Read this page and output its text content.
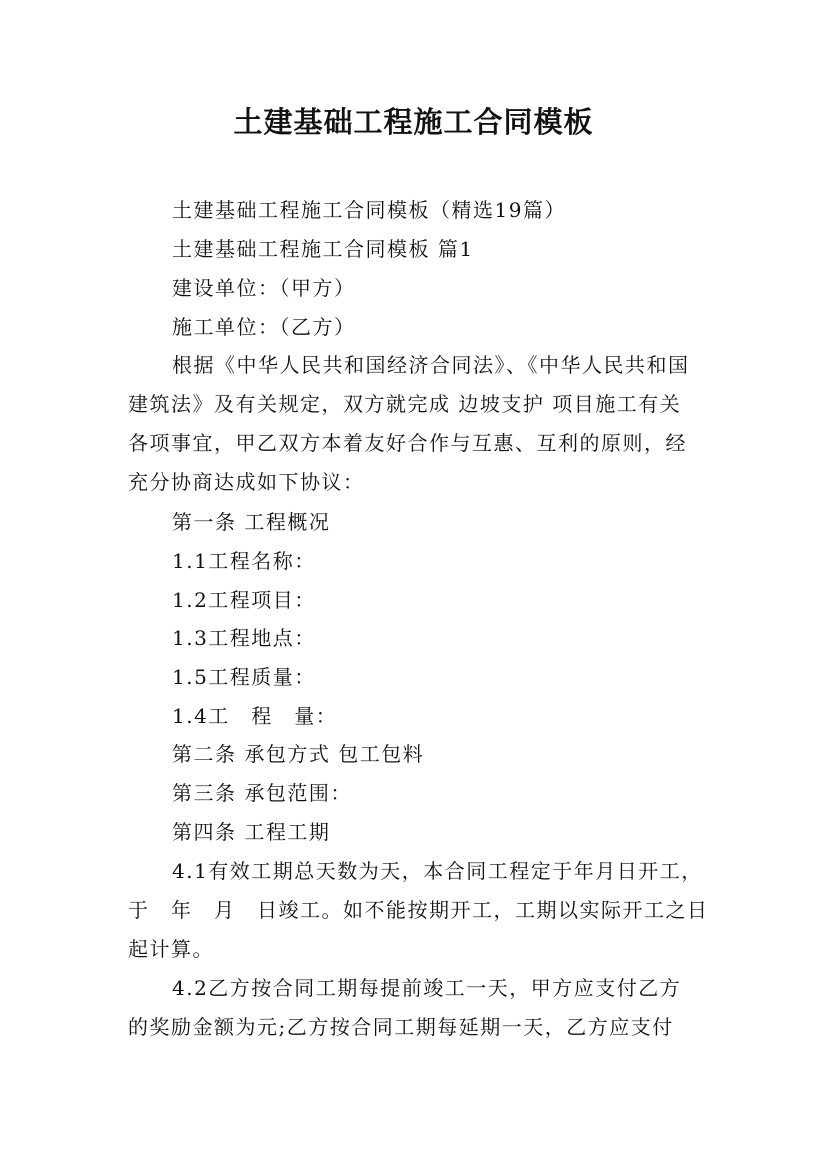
土建基础工程施工合同模板
土建基础工程施工合同模板（精选19篇）
土建基础工程施工合同模板 篇1
建设单位：（甲方）
施工单位：（乙方）
根据《中华人民共和国经济合同法》、《中华人民共和国
建筑法》及有关规定，双方就完成 边坡支护 项目施工有关
各项事宜，甲乙双方本着友好合作与互惠、互利的原则，经
充分协商达成如下协议：
第一条 工程概况
1.1工程名称：
1.2工程项目：
1.3工程地点：
1.5工程质量：
1.4工　程　量：
第二条 承包方式 包工包料
第三条 承包范围：
第四条 工程工期
4.1有效工期总天数为天，本合同工程定于年月日开工，
于　年　月　日竣工。如不能按期开工，工期以实际开工之日
起计算。
4.2乙方按合同工期每提前竣工一天，甲方应支付乙方
的奖励金额为元;乙方按合同工期每延期一天，乙方应支付
